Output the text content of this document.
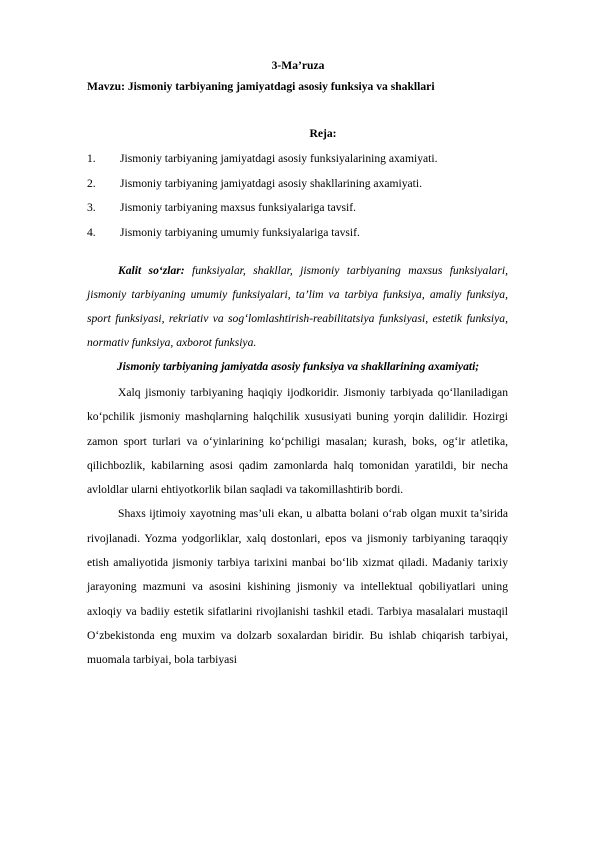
3-Ma’ruza
Mavzu: Jismoniy tarbiyaning jamiyatdagi asosiy funksiya va shakllari
Reja:
1.	Jismoniy tarbiyaning jamiyatdagi asosiy funksiyalarining axamiyati.
2.	Jismoniy tarbiyaning jamiyatdagi asosiy shakllarining axamiyati.
3.	Jismoniy tarbiyaning maxsus funksiyalariga tavsif.
4.	Jismoniy tarbiyaning umumiy funksiyalariga tavsif.
Kalit so‘zlar: funksiyalar, shakllar, jismoniy tarbiyaning maxsus funksiyalari, jismoniy tarbiyaning umumiy funksiyalari, ta’lim va tarbiya funksiya, amaliy funksiya, sport funksiyasi, rekriativ va sog‘lomlashtirish-reabilitatsiya funksiyasi, estetik funksiya, normativ funksiya, axborot funksiya.
Jismoniy tarbiyaning jamiyatda asosiy funksiya va shakllarining axamiyati;

Xalq jismoniy tarbiyaning haqiqiy ijodkoridir. Jismoniy tarbiyada qo‘llaniladigan ko‘pchilik jismoniy mashqlarning halqchilik xususiyati buning yorqin dalilidir. Hozirgi zamon sport turlari va o‘yinlarining ko‘pchiligi masalan; kurash, boks, og‘ir atletika, qilichbozlik, kabilarning asosi qadim zamonlarda halq tomonidan yaratildi, bir necha avloldlar ularni ehtiyotkorlik bilan saqladi va takomillashtirib bordi.

Shaxs ijtimoiy xayotning mas’uli ekan, u albatta bolani o‘rab olgan muxit ta’sirida rivojlanadi. Yozma yodgorliklar, xalq dostonlari, epos va jismoniy tarbiyaning taraqqiy etish amaliyotida jismoniy tarbiya tarixini manbai bo‘lib xizmat qiladi. Madaniy tarixiy jarayoning mazmuni va asosini kishining jismoniy va intellektual qobiliyatlari uning axloqiy va badiiy estetik sifatlarini rivojlanishi tashkil etadi. Tarbiya masalalari mustaqil O‘zbekistonda eng muxim va dolzarb soxalardan biridir. Bu ishlab chiqarish tarbiyai, muomala tarbiyai, bola tarbiyasi
